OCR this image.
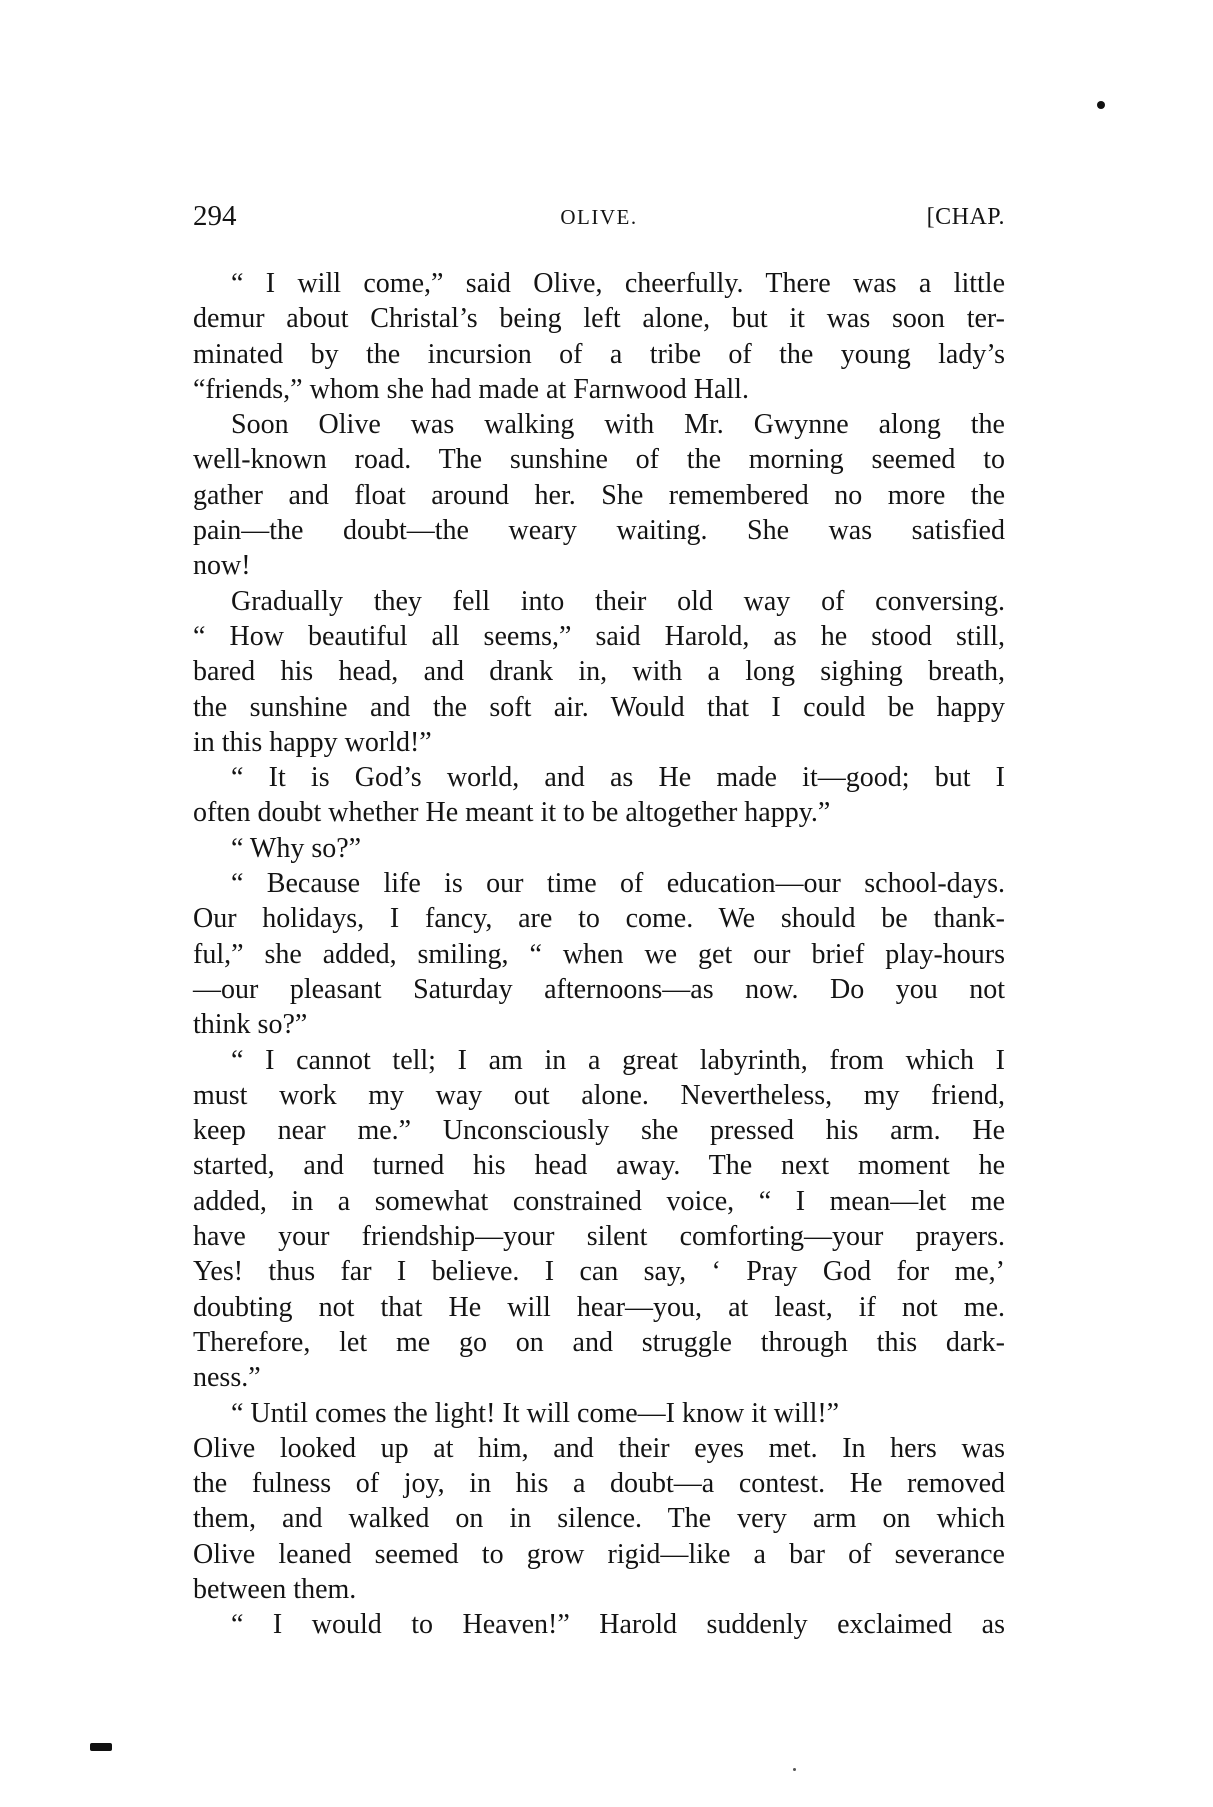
294	OLIVE.	[CHAP.
“ I will come,” said Olive, cheerfully. There was a little
demur about Christal’s being left alone, but it was soon ter-
minated by the incursion of a tribe of the young lady’s
“friends,” whom she had made at Farnwood Hall.
Soon Olive was walking with Mr. Gwynne along the
well-known road. The sunshine of the morning seemed to
gather and float around her. She remembered no more the
pain—the doubt—the weary waiting. She was satisfied
now!
Gradually they fell into their old way of conversing.
“ How beautiful all seems,” said Harold, as he stood still,
bared his head, and drank in, with a long sighing breath,
the sunshine and the soft air. Would that I could be happy
in this happy world!”
“ It is God’s world, and as He made it—good; but I
often doubt whether He meant it to be altogether happy.”
“ Why so?”
“ Because life is our time of education—our school-days.
Our holidays, I fancy, are to come. We should be thank-
ful,” she added, smiling, “ when we get our brief play-hours
—our pleasant Saturday afternoons—as now. Do you not
think so?”
“ I cannot tell; I am in a great labyrinth, from which I
must work my way out alone. Nevertheless, my friend,
keep near me.” Unconsciously she pressed his arm. He
started, and turned his head away. The next moment he
added, in a somewhat constrained voice, “ I mean—let me
have your friendship—your silent comforting—your prayers.
Yes! thus far I believe. I can say, ‘ Pray God for me,’
doubting not that He will hear—you, at least, if not me.
Therefore, let me go on and struggle through this dark-
ness.”
“ Until comes the light! It will come—I know it will!”
Olive looked up at him, and their eyes met. In hers was
the fulness of joy, in his a doubt—a contest. He removed
them, and walked on in silence. The very arm on which
Olive leaned seemed to grow rigid—like a bar of severance
between them.
“ I would to Heaven!” Harold suddenly exclaimed as
